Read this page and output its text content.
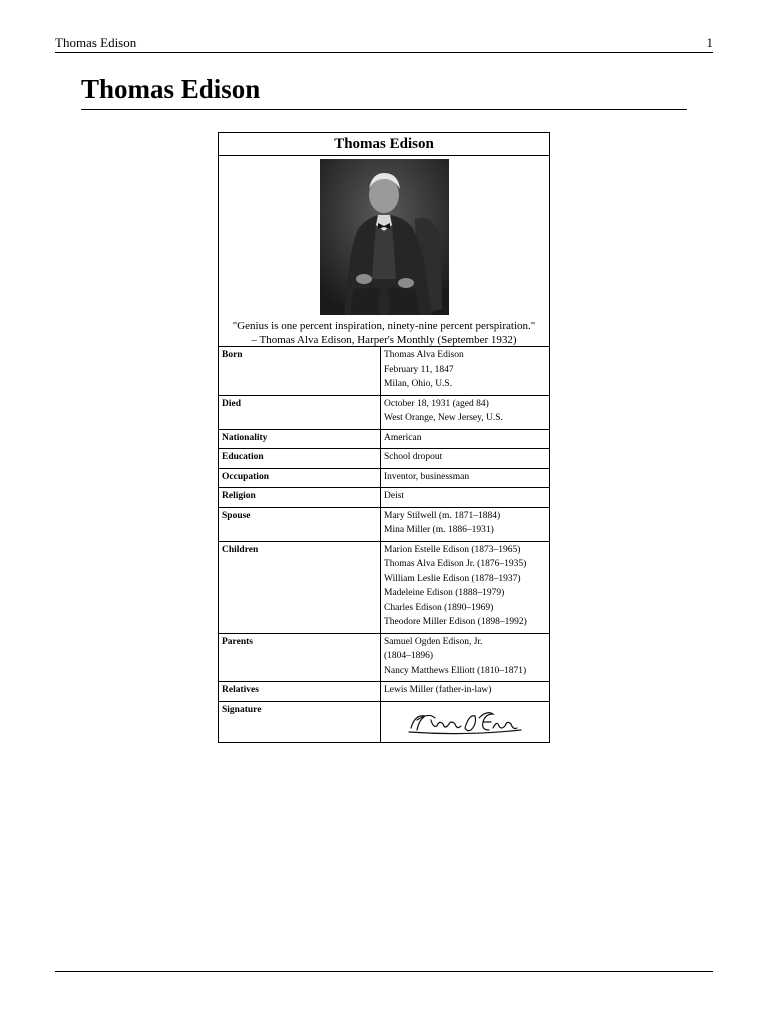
Thomas Edison	1
Thomas Edison
Thomas Edison
"Genius is one percent inspiration, ninety-nine percent perspiration."
– Thomas Alva Edison, Harper's Monthly (September 1932)
Born	Thomas Alva Edison
February 11, 1847
Milan, Ohio, U.S.
Died	October 18, 1931 (aged 84)
West Orange, New Jersey, U.S.
Nationality	American
Education	School dropout
Occupation	Inventor, businessman
Religion	Deist
Spouse	Mary Stilwell (m. 1871–1884)
Mina Miller (m. 1886–1931)
Children	Marion Estelle Edison (1873–1965)
Thomas Alva Edison Jr. (1876–1935)
William Leslie Edison (1878–1937)
Madeleine Edison (1888–1979)
Charles Edison (1890–1969)
Theodore Miller Edison (1898–1992)
Parents	Samuel Ogden Edison, Jr.
(1804–1896)
Nancy Matthews Elliott (1810–1871)
Relatives	Lewis Miller (father-in-law)
Signature
